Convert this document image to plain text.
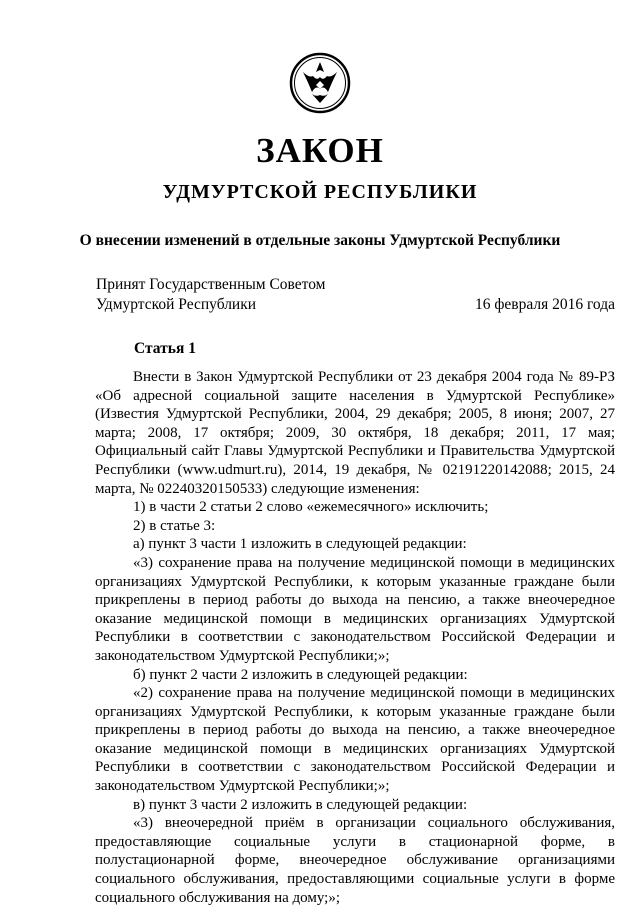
ЗАКОН
УДМУРТСКОЙ РЕСПУБЛИКИ
О внесении изменений в отдельные законы Удмуртской Республики
Принят Государственным Советом
Удмуртской Республики	16 февраля 2016 года
Статья 1

Внести в Закон Удмуртской Республики от 23 декабря 2004 года № 89-РЗ «Об адресной социальной защите населения в Удмуртской Республике» (Известия Удмуртской Республики, 2004, 29 декабря; 2005, 8 июня; 2007, 27 марта; 2008, 17 октября; 2009, 30 октября, 18 декабря; 2011, 17 мая; Официальный сайт Главы Удмуртской Республики и Правительства Удмуртской Республики (www.udmurt.ru), 2014, 19 декабря, № 02191220142088; 2015, 24 марта, № 02240320150533) следующие изменения:

1) в части 2 статьи 2 слово «ежемесячного» исключить;

2) в статье 3:

а) пункт 3 части 1 изложить в следующей редакции:

«3) сохранение права на получение медицинской помощи в медицинских организациях Удмуртской Республики, к которым указанные граждане были прикреплены в период работы до выхода на пенсию, а также внеочередное оказание медицинской помощи в медицинских организациях Удмуртской Республики в соответствии с законодательством Российской Федерации и законодательством Удмуртской Республики;»;

б) пункт 2 части 2 изложить в следующей редакции:

«2) сохранение права на получение медицинской помощи в медицинских организациях Удмуртской Республики, к которым указанные граждане были прикреплены в период работы до выхода на пенсию, а также внеочередное оказание медицинской помощи в медицинских организациях Удмуртской Республики в соответствии с законодательством Российской Федерации и законодательством Удмуртской Республики;»;

в) пункт 3 части 2 изложить в следующей редакции:

«3) внеочередной приём в организации социального обслуживания, предоставляющие социальные услуги в стационарной форме, в полустационарной форме, внеочередное обслуживание организациями социального обслуживания, предоставляющими социальные услуги в форме социального обслуживания на дому;»;
